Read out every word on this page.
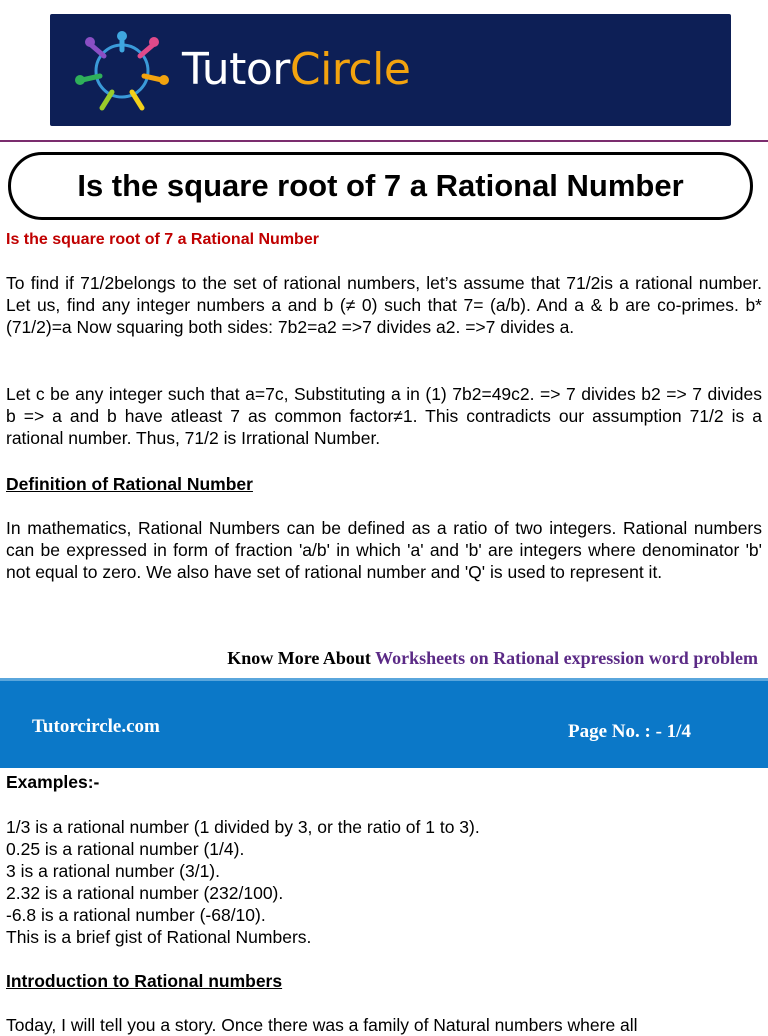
TutorCircle
Is the square root of 7 a Rational Number
Is the square root of 7 a Rational Number

To find if 71/2belongs to the set of rational numbers, let’s assume that 71/2is a rational number. Let us, find any integer numbers a and b (≠ 0) such that 7= (a/b). And a & b are co-primes. b*(71/2)=a Now squaring both sides: 7b2=a2 =>7 divides a2. =>7 divides a.

Let c be any integer such that a=7c, Substituting a in (1) 7b2=49c2. => 7 divides b2 => 7 divides b => a and b have atleast 7 as common factor≠1. This contradicts our assumption 71/2 is a rational number. Thus, 71/2 is Irrational Number.

Definition of Rational Number

In mathematics, Rational Numbers can be defined as a ratio of two integers. Rational numbers can be expressed in form of fraction 'a/b' in which 'a' and 'b' are integers where denominator 'b' not equal to zero. We also have set of rational number and 'Q' is used to represent it.

Know More About Worksheets on Rational expression word problem
Tutorcircle.com	Page No. : - 1/4
Examples:-
1/3 is a rational number (1 divided by 3, or the ratio of 1 to 3).
0.25 is a rational number (1/4).
3 is a rational number (3/1).
2.32 is a rational number (232/100).
-6.8 is a rational number (-68/10).
This is a brief gist of Rational Numbers.
Introduction to Rational numbers
Today, I will tell you a story. Once there was a family of Natural numbers where all
